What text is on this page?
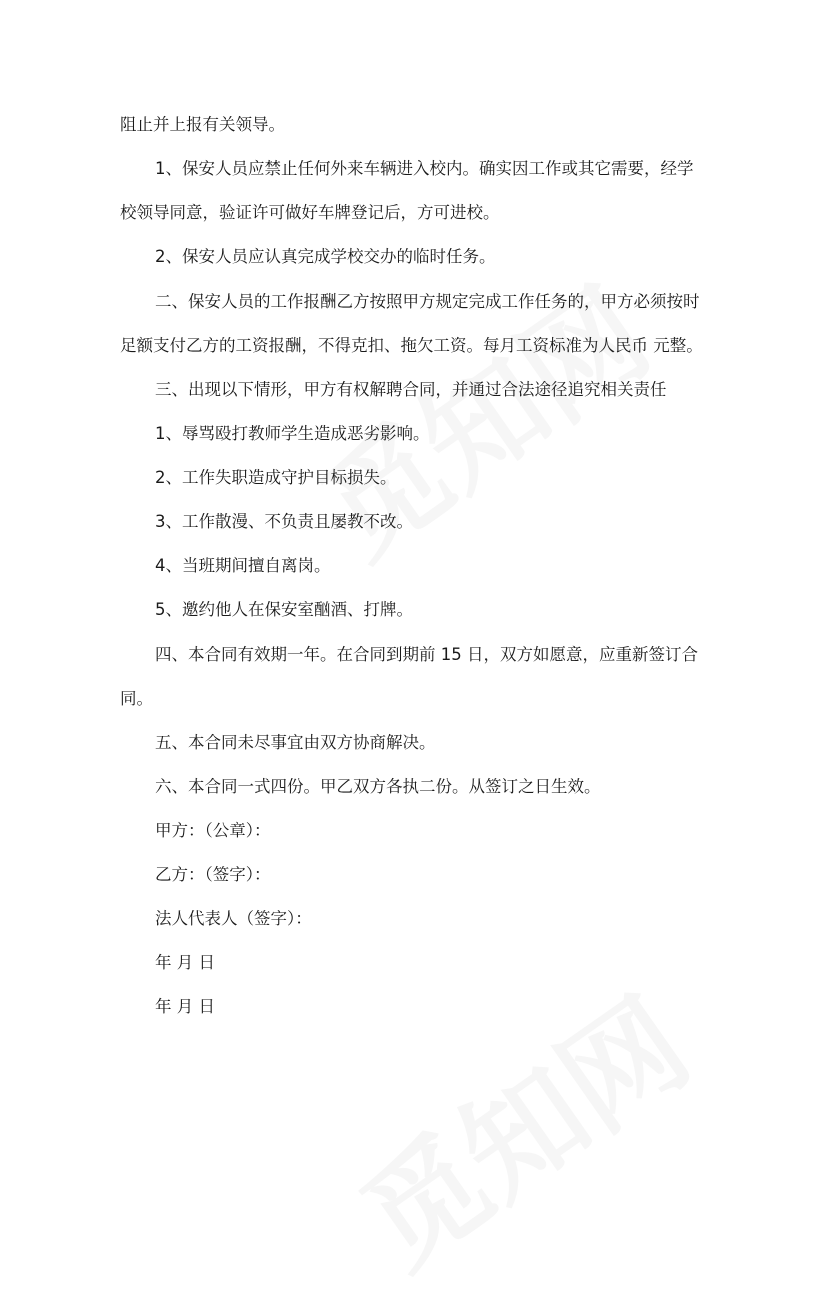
阻止并上报有关领导。

1、保安人员应禁止任何外来车辆进入校内。确实因工作或其它需要，经学

校领导同意，验证许可做好车牌登记后，方可进校。

2、保安人员应认真完成学校交办的临时任务。

二、保安人员的工作报酬乙方按照甲方规定完成工作任务的，甲方必须按时

足额支付乙方的工资报酬，不得克扣、拖欠工资。每月工资标准为人民币 元整。

三、出现以下情形，甲方有权解聘合同，并通过合法途径追究相关责任

1、辱骂殴打教师学生造成恶劣影响。

2、工作失职造成守护目标损失。

3、工作散漫、不负责且屡教不改。

4、当班期间擅自离岗。

5、邀约他人在保安室酗酒、打牌。

四、本合同有效期一年。在合同到期前 15 日，双方如愿意，应重新签订合

同。

五、本合同未尽事宜由双方协商解决。

六、本合同一式四份。甲乙双方各执二份。从签订之日生效。

甲方：（公章）：

乙方：（签字）：

法人代表人（签字）：

年 月 日

年 月 日
